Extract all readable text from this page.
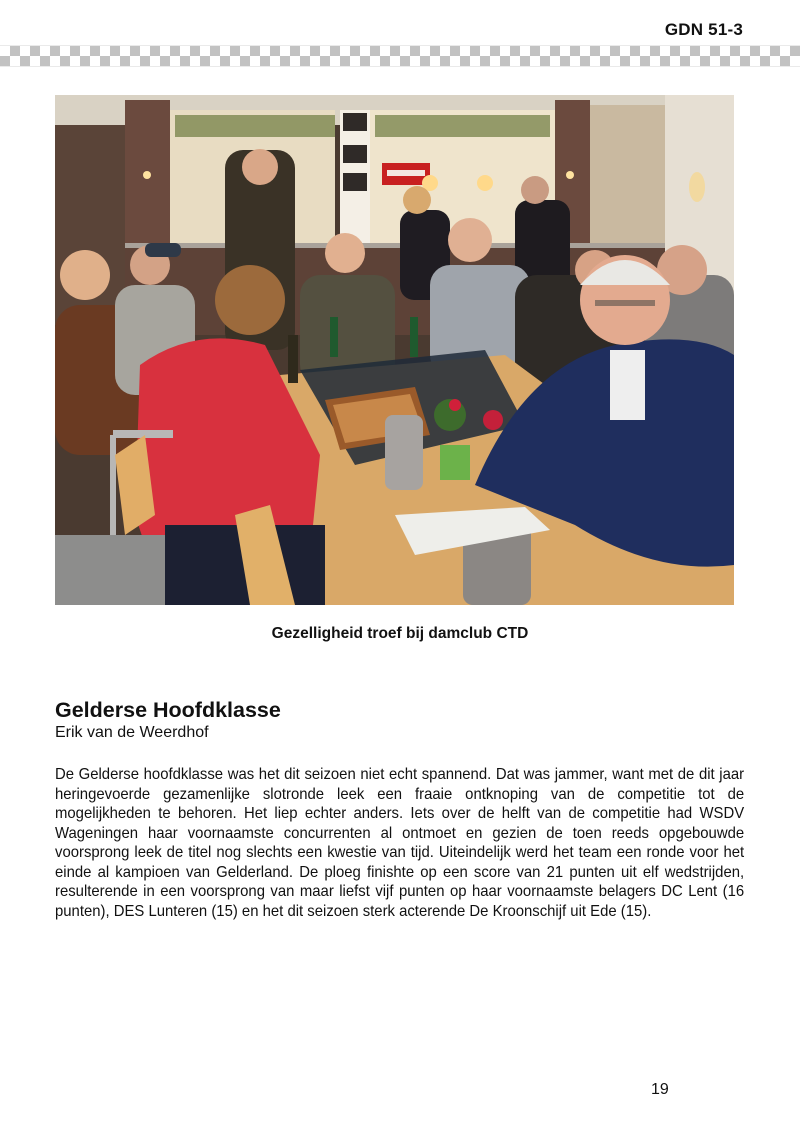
GDN 51-3
Gezelligheid troef bij damclub CTD
Gelderse Hoofdklasse
Erik van de Weerdhof

De Gelderse hoofdklasse was het dit seizoen niet echt spannend. Dat was jammer, want met de dit jaar heringevoerde gezamenlijke slotronde leek een fraaie ontknoping van de competitie tot de mogelijkheden te behoren. Het liep echter anders. Iets over de helft van de competitie had WSDV Wageningen haar voornaamste concurrenten al ontmoet en gezien de toen reeds opgebouwde voorsprong leek de titel nog slechts een kwestie van tijd. Uiteindelijk werd het team een ronde voor het einde al kampioen van Gelderland. De ploeg finishte op een score van 21 punten uit elf wedstrijden, resulterende in een voorsprong van maar liefst vijf punten op haar voornaamste belagers DC Lent (16 punten), DES Lunteren (15) en het dit seizoen sterk acterende De Kroonschijf uit Ede (15).

19
